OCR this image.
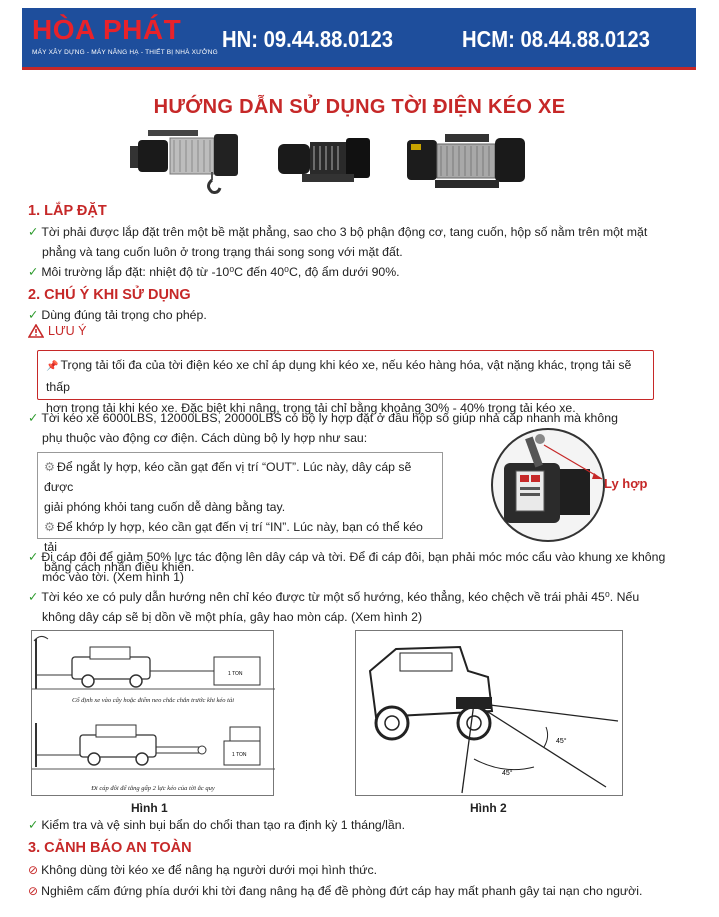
HÒA PHÁT
MÁY XÂY DỰNG - MÁY NÂNG HẠ - THIẾT BỊ NHÀ XƯỞNG
HN: 09.44.88.0123	HCM: 08.44.88.0123
HƯỚNG DẪN SỬ DỤNG TỜI ĐIỆN KÉO XE
1. LẮP ĐẶT
✓ Tời phải được lắp đặt trên một bề mặt phẳng, sao cho 3 bộ phận động cơ, tang cuốn, hộp số nằm trên một mặt
phẳng và tang cuốn luôn ở trong trạng thái song song với mặt đất.
✓ Môi trường lắp đặt: nhiệt độ từ -10⁰C đến 40⁰C, độ ẩm dưới 90%.
2. CHÚ Ý KHI SỬ DỤNG
✓ Dùng đúng tải trọng cho phép.
LƯU Ý
📌 Trọng tải tối đa của tời điện kéo xe chỉ áp dụng khi kéo xe, nếu kéo hàng hóa, vật nặng khác, trọng tải sẽ thấp
hơn trọng tải khi kéo xe. Đặc biệt khi nâng, trọng tải chỉ bằng khoảng 30% - 40% trọng tải kéo xe.
✓ Tời kéo xe 6000LBS, 12000LBS, 20000LBS có bộ ly hợp đặt ở đầu hộp số giúp nhả cáp nhanh mà không
phụ thuộc vào động cơ điện. Cách dùng bộ ly hợp như sau:
⚙ Để ngắt ly hợp, kéo cần gạt đến vị trí “OUT”. Lúc này, dây cáp sẽ được
giải phóng khỏi tang cuốn dễ dàng bằng tay.
⚙ Để khớp ly hợp, kéo cần gạt đến vị trí “IN”. Lúc này, bạn có thể kéo tải
bằng cách nhấn điều khiển.
Ly hợp
✓ Đi cáp đôi để giảm 50% lực tác động lên dây cáp và tời. Để đi cáp đôi, bạn phải móc móc cẩu vào khung xe không
móc vào tời. (Xem hình 1)
✓ Tời kéo xe có puly dẫn hướng nên chỉ kéo được từ một số hướng, kéo thẳng, kéo chệch về trái phải 45⁰. Nếu
không dây cáp sẽ bị dồn về một phía, gây hao mòn cáp. (Xem hình 2)
1 TON
1 TON
Cố định xe vào cây hoặc điểm neo chắc chắn trước khi kéo tải
Đi cáp đôi để tăng gấp 2 lực kéo của tời ắc quy
Hình 1
45°
45°
Hình 2
✓ Kiểm tra và vệ sinh bụi bẩn do chổi than tạo ra định kỳ 1 tháng/lần.
3. CẢNH BÁO AN TOÀN
⊘ Không dùng tời kéo xe để nâng hạ người dưới mọi hình thức.
⊘ Nghiêm cấm đứng phía dưới khi tời đang nâng hạ để đề phòng đứt cáp hay mất phanh gây tai nạn cho người.
